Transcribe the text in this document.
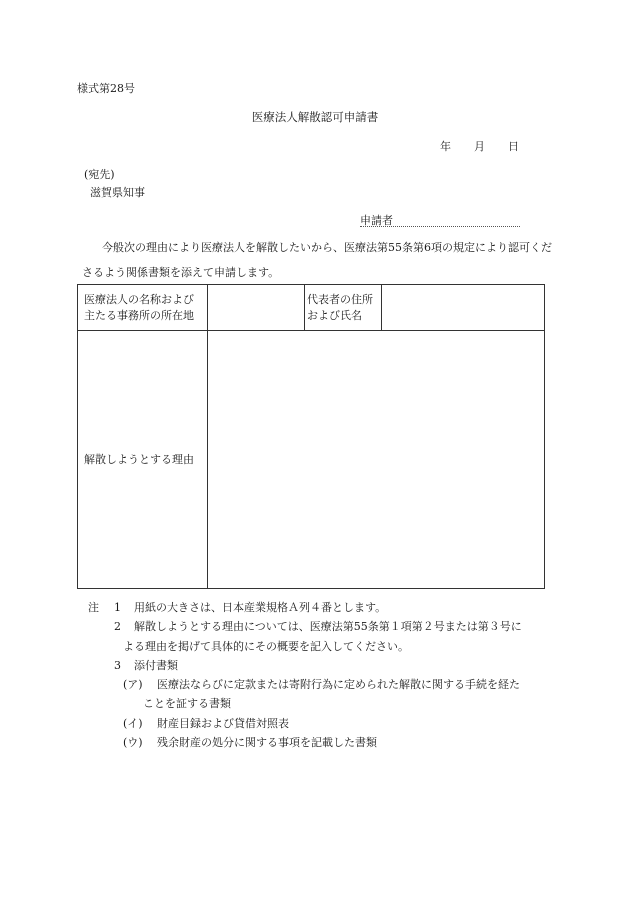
様式第28号
医療法人解散認可申請書
年 月 日
(宛先)
滋賀県知事
申請者
今般次の理由により医療法人を解散したいから、医療法第55条第6項の規定により認可くださるよう関係書類を添えて申請します。
医療法人の名称および
主たる事務所の所在地
代表者の住所
および氏名
解散しようとする理由
注 1 用紙の大きさは、日本産業規格Ａ列４番とします。
2 解散しようとする理由については、医療法第55条第１項第２号または第３号に
よる理由を掲げて具体的にその概要を記入してください。
3 添付書類
(ア) 医療法ならびに定款または寄附行為に定められた解散に関する手続を経た
ことを証する書類
(イ) 財産目録および貸借対照表
(ウ) 残余財産の処分に関する事項を記載した書類
